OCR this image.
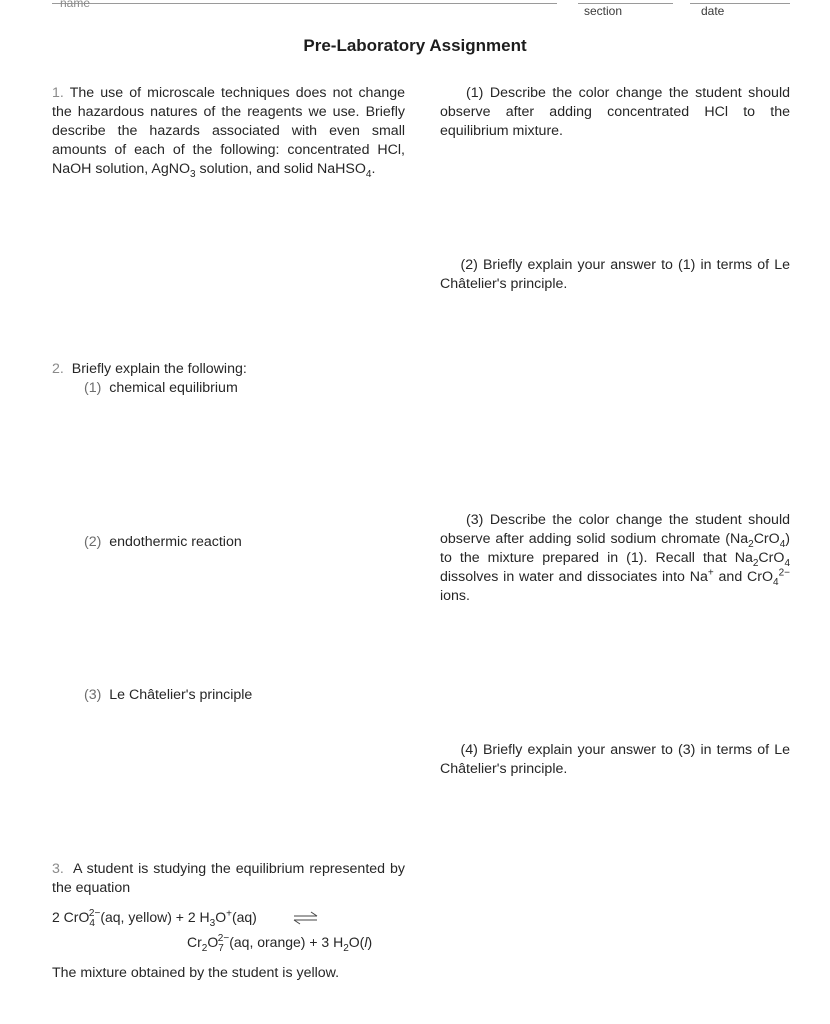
name
section	date
Pre-Laboratory Assignment
1. The use of microscale techniques does not change the hazardous natures of the reagents we use. Briefly describe the hazards associated with even small amounts of each of the following: concentrated HCl, NaOH solution, AgNO$_3$ solution, and solid NaHSO$_4$.
(1) Describe the color change the student should observe after adding concentrated HCl to the equilibrium mixture.
(2) Briefly explain your answer to (1) in terms of Le Châtelier's principle.
2. Briefly explain the following:
(1) chemical equilibrium
(2) endothermic reaction
(3) Le Châtelier's principle
(3) Describe the color change the student should observe after adding solid sodium chromate $(Na_2CrO_4)$ to the mixture prepared in (1). Recall that $Na_2CrO_4$ dissolves in water and dissociates into Na+ and CrO$_4^{2-}$ ions.
(4) Briefly explain your answer to (3) in terms of Le Châtelier's principle.
3. A student is studying the equilibrium represented by the equation
2 CrO$_4^{2-}$(aq, yellow) + 2 $H_3O^+(aq)$
$Cr_2O_7^{2-}(aq$, orange) + 3 $H_2O(l)$
The mixture obtained by the student is yellow.
